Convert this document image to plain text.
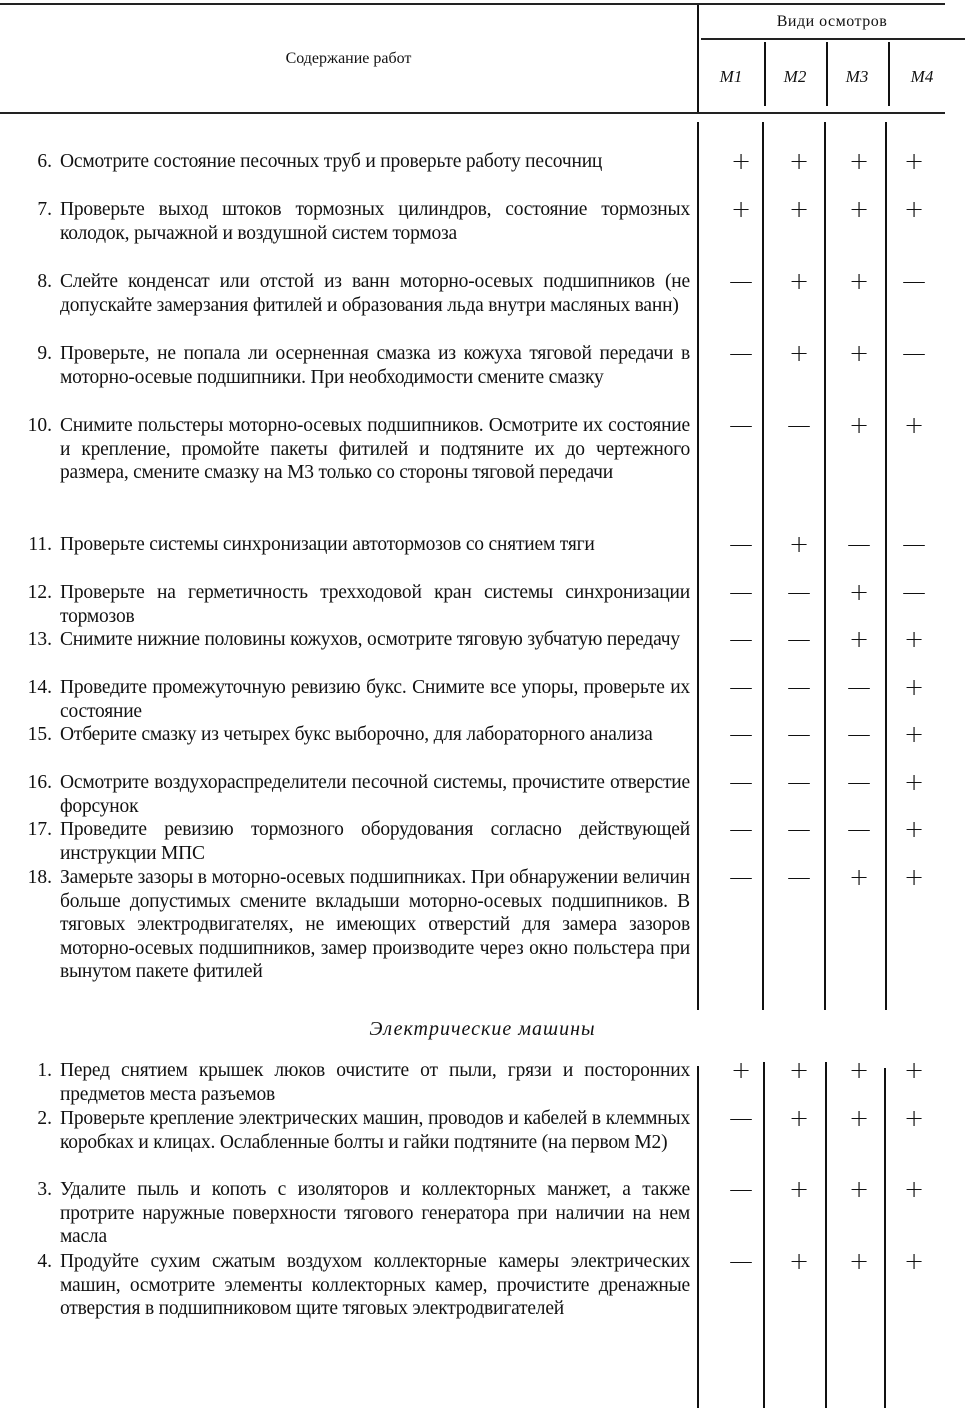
Содержание работ
Види осмотров
М1	М2	М3	М4
6. Осмотрите состояние песочных труб и проверьте работу песочниц	+	+	+	+
7. Проверьте выход штоков тормозных цилиндров, состояние тормозных колодок, рычажной и воздушной систем тормоза
+	+	+	+
8. Слейте конденсат или отстой из ванн моторно-осевых подшипников (не допускайте замерзания фитилей и образования льда внутри масляных ванн)
—	+	+	—
9. Проверьте, не попала ли осерненная смазка из кожуха тяговой передачи в моторно-осевые подшипники. При необходимости смените смазку
—	+	+	—
10. Снимите польстеры моторно-осевых подшипников. Осмотрите их состояние и крепление, промойте пакеты фитилей и подтяните их до чертежного размера, смените смазку на М3 только со стороны тяговой передачи
—	—	+	+
11. Проверьте системы синхронизации автотормозов со снятием тяги	—	+	—	—
12. Проверьте на герметичность трехходовой кран системы синхронизации тормозов
—	—	+	—
13. Снимите нижние половины кожухов, осмотрите тяговую зубчатую передачу	—	—	+	+
14. Проведите промежуточную ревизию букс. Снимите все упоры, проверьте их состояние
—	—	—	+
15. Отберите смазку из четырех букс выборочно, для лабораторного анализа	—	—	—	+
16. Осмотрите воздухораспределители песочной системы, прочистите отверстие форсунок
—	—	—	+
17. Проведите ревизию тормозного оборудования согласно действующей инструкции МПС
—	—	—	+
18. Замерьте зазоры в моторно-осевых подшипниках. При обнаружении величин больше допустимых смените вкладыши моторно-осевых подшипников. В тяговых электродвигателях, не имеющих отверстий для замера зазоров моторно-осевых подшипников, замер производите через окно польстера при вынутом пакете фитилей
—	—	+	+
Электрические машины
1. Перед снятием крышек люков очистите от пыли, грязи и посторонних предметов места разъемов
+	+	+	+
2. Проверьте крепление электрических машин, проводов и кабелей в клеммных коробках и клицах. Ослабленные болты и гайки подтяните (на первом М2)
—	+	+	+
3. Удалите пыль и копоть с изоляторов и коллекторных манжет, а также протрите наружные поверхности тягового генератора при наличии на нем масла
—	+	+	+
4. Продуйте сухим сжатым воздухом коллекторные камеры электрических машин, осмотрите элементы коллекторных камер, прочистите дренажные отверстия в подшипниковом щите тяговых электродвигателей
—	+	+	+
